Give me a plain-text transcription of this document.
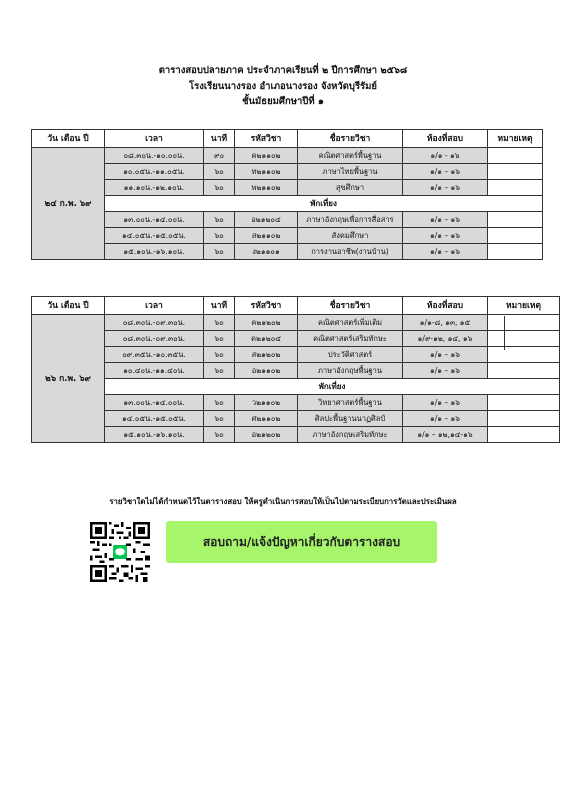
ตารางสอบปลายภาค ประจำภาคเรียนที่ ๒ ปีการศึกษา ๒๕๖๘
โรงเรียนนางรอง อำเภอนางรอง จังหวัดบุรีรัมย์
ชั้นมัธยมศึกษาปีที่ ๑
วัน เดือน ปี	เวลา	นาที	รหัสวิชา	ชื่อรายวิชา	ห้องที่สอบ	หมายเหตุ
๒๔ ก.พ. ๖๙	๐๘.๓๐น.-๑๐.๐๐น.	๙๐	ค๒๑๑๐๒	คณิตศาสตร์พื้นฐาน	๑/๑ - ๑๖	
	๑๐.๐๕น.-๑๑.๐๕น.	๖๐	ท๒๑๑๐๒	ภาษาไทยพื้นฐาน	๑/๑ – ๑๖	
	๑๑.๑๐น.-๑๒.๑๐น.	๖๐	พ๒๑๑๐๒	สุขศึกษา	๑/๑ – ๑๖	
	พักเที่ยง					
	๑๓.๐๐น.-๑๔.๐๐น.	๖๐	อ๒๑๒๐๔	ภาษาอังกฤษเพื่อการสื่อสาร	๑/๑ – ๑๖	
	๑๔.๐๕น.-๑๕.๐๕น.	๖๐	ส๒๑๑๐๒	สังคมศึกษา	๑/๑ – ๑๖	
	๑๕.๑๐น.-๑๖.๑๐น.	๖๐	ง๒๑๑๐๑	การงานอาชีพ(งานบ้าน)	๑/๑ – ๑๖	
วัน เดือน ปี	เวลา	นาที	รหัสวิชา	ชื่อรายวิชา	ห้องที่สอบ	หมายเหตุ
๒๖ ก.พ. ๖๙	๐๘.๓๐น.-๐๙.๓๐น.	๖๐	ค๒๑๒๐๒	คณิตศาสตร์เพิ่มเติม	๑/๑-๘, ๑๓, ๑๕	
	๐๘.๓๐น.-๐๙.๓๐น.	๖๐	ค๒๑๒๐๔	คณิตศาสตร์เสริมทักษะ	๑/๙-๑๒, ๑๔, ๑๖	
	๐๙.๓๕น.-๑๐.๓๕น.	๖๐	ส๒๑๒๐๒	ประวัติศาสตร์	๑/๑ – ๑๖	
	๑๐.๔๐น.-๑๑.๔๐น.	๖๐	อ๒๑๑๐๒	ภาษาอังกฤษพื้นฐาน	๑/๑ – ๑๖	
	พักเที่ยง					
	๑๓.๐๐น.-๑๔.๐๐น.	๖๐	ว๒๑๑๐๒	วิทยาศาสตร์พื้นฐาน	๑/๑ – ๑๖	
	๑๔.๐๕น.-๑๕.๐๕น.	๖๐	ศ๒๑๑๐๒	ศิลปะพื้นฐานนาฏศิลป์	๑/๑ – ๑๖	
	๑๕.๑๐น.-๑๖.๑๐น.	๖๐	อ๒๑๒๐๒	ภาษาอังกฤษเสริมทักษะ	๑/๑ – ๑๒,๑๔-๑๖	
รายวิชาใดไม่ได้กำหนดไว้ในตารางสอบ ให้ครูดำเนินการสอบให้เป็นไปตามระเบียบการวัดและประเมินผล
สอบถาม/แจ้งปัญหาเกี่ยวกับตารางสอบ
